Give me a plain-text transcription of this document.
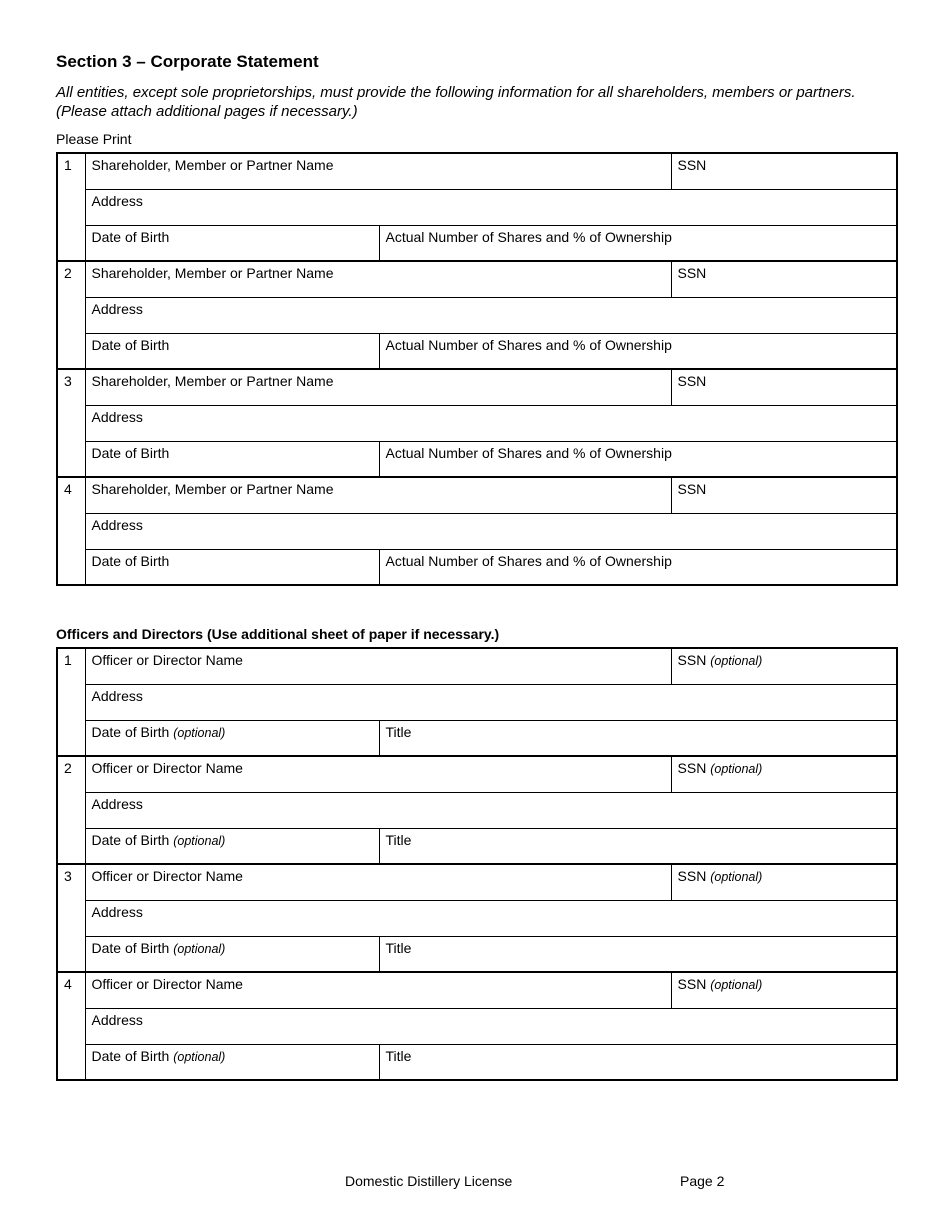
Section 3 – Corporate Statement
All entities, except sole proprietorships, must provide the following information for all shareholders, members or partners. (Please attach additional pages if necessary.)
Please Print
1	Shareholder, Member or Partner Name		SSN
	Address		
	Date of Birth	Actual Number of Shares and % of Ownership	
2	Shareholder, Member or Partner Name		SSN
	Address		
	Date of Birth	Actual Number of Shares and % of Ownership	
3	Shareholder, Member or Partner Name		SSN
	Address		
	Date of Birth	Actual Number of Shares and % of Ownership	
4	Shareholder, Member or Partner Name		SSN
	Address		
	Date of Birth	Actual Number of Shares and % of Ownership	
Officers and Directors (Use additional sheet of paper if necessary.)
1	Officer or Director Name		SSN (optional)
	Address		
	Date of Birth (optional)	Title	
2	Officer or Director Name		SSN (optional)
	Address		
	Date of Birth (optional)	Title	
3	Officer or Director Name		SSN (optional)
	Address		
	Date of Birth (optional)	Title	
4	Officer or Director Name		SSN (optional)
	Address		
	Date of Birth (optional)	Title	
Domestic Distillery License	Page 2
